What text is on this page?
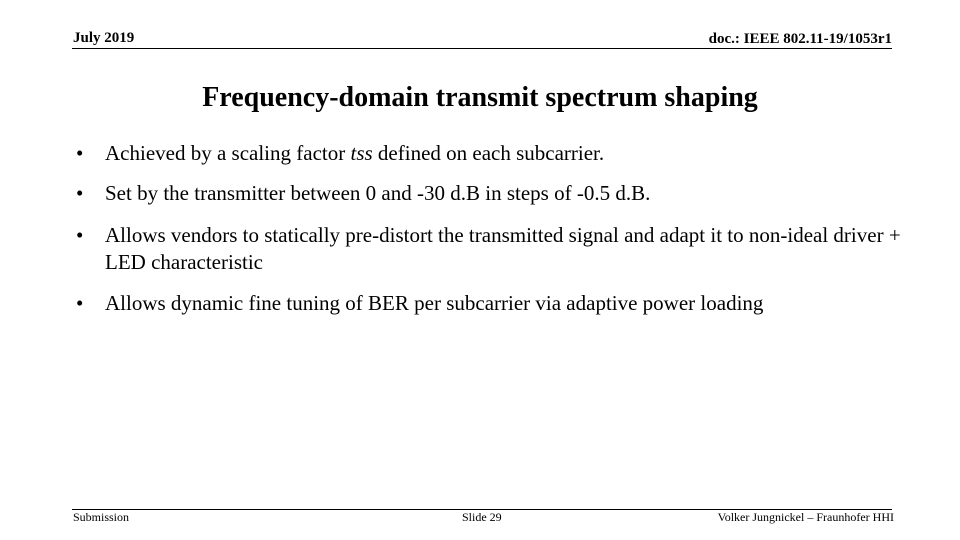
July 2019	doc.: IEEE 802.11-19/1053r1
Frequency-domain transmit spectrum shaping
•	Achieved by a scaling factor tss defined on each subcarrier.
•	Set by the transmitter between 0 and -30 d.B in steps of -0.5 d.B.
•	Allows vendors to statically pre-distort the transmitted signal and adapt it to non-ideal driver + LED characteristic
•	Allows dynamic fine tuning of BER per subcarrier via adaptive power loading
Submission	Slide 29	Volker Jungnickel – Fraunhofer HHI
